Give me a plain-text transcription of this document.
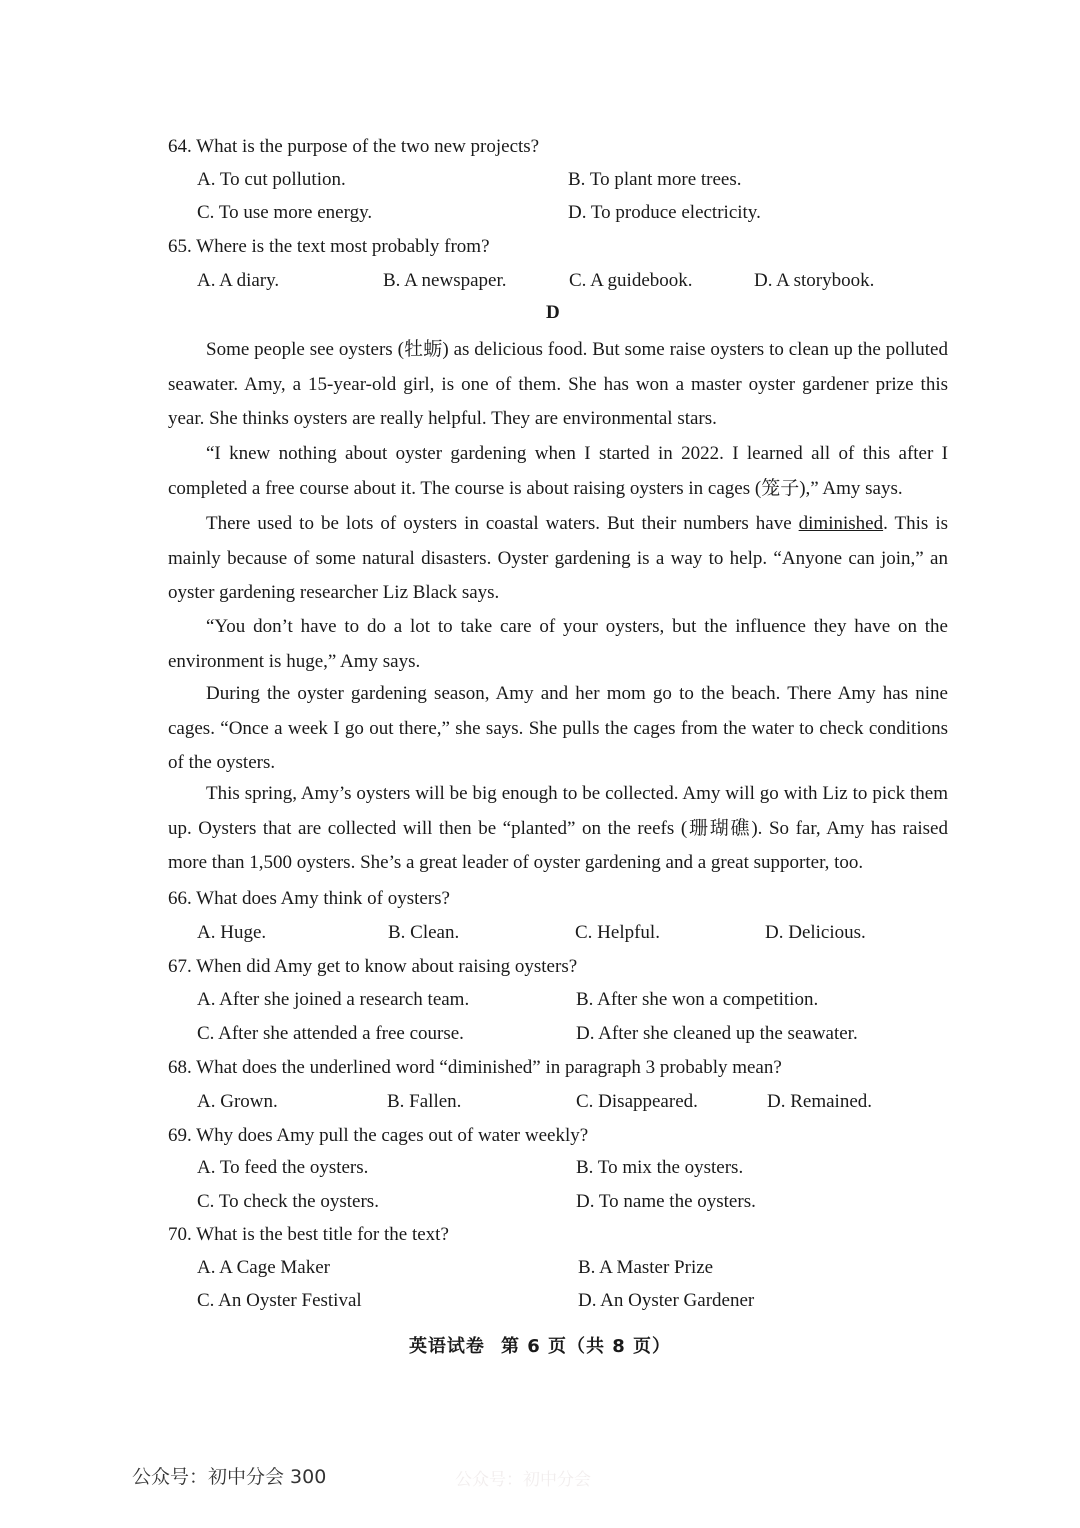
64. What is the purpose of the two new projects?
A. To cut pollution.	B. To plant more trees.
C. To use more energy.	D. To produce electricity.
65. Where is the text most probably from?
A. A diary.	B. A newspaper.	C. A guidebook.	D. A storybook.
D
Some people see oysters (牡蛎) as delicious food. But some raise oysters to clean up the polluted seawater. Amy, a 15-year-old girl, is one of them. She has won a master oyster gardener prize this year. She thinks oysters are really helpful. They are environmental stars.
“I knew nothing about oyster gardening when I started in 2022. I learned all of this after I completed a free course about it. The course is about raising oysters in cages (笼子),” Amy says.
There used to be lots of oysters in coastal waters. But their numbers have diminished. This is mainly because of some natural disasters. Oyster gardening is a way to help. “Anyone can join,” an oyster gardening researcher Liz Black says.
“You don’t have to do a lot to take care of your oysters, but the influence they have on the environment is huge,” Amy says.
During the oyster gardening season, Amy and her mom go to the beach. There Amy has nine cages. “Once a week I go out there,” she says. She pulls the cages from the water to check conditions of the oysters.
This spring, Amy’s oysters will be big enough to be collected. Amy will go with Liz to pick them up. Oysters that are collected will then be “planted” on the reefs (珊瑚礁). So far, Amy has raised more than 1,500 oysters. She’s a great leader of oyster gardening and a great supporter, too.
66. What does Amy think of oysters?
A. Huge.	B. Clean.	C. Helpful.	D. Delicious.
67. When did Amy get to know about raising oysters?
A. After she joined a research team.	B. After she won a competition.
C. After she attended a free course.	D. After she cleaned up the seawater.
68. What does the underlined word “diminished” in paragraph 3 probably mean?
A. Grown.	B. Fallen.	C. Disappeared.	D. Remained.
69. Why does Amy pull the cages out of water weekly?
A. To feed the oysters.	B. To mix the oysters.
C. To check the oysters.	D. To name the oysters.
70. What is the best title for the text?
A. A Cage Maker	B. A Master Prize
C. An Oyster Festival	D. An Oyster Gardener
英语试卷 第 6 页（共 8 页）
公众号：初中分会 300	公众号：初中分会
